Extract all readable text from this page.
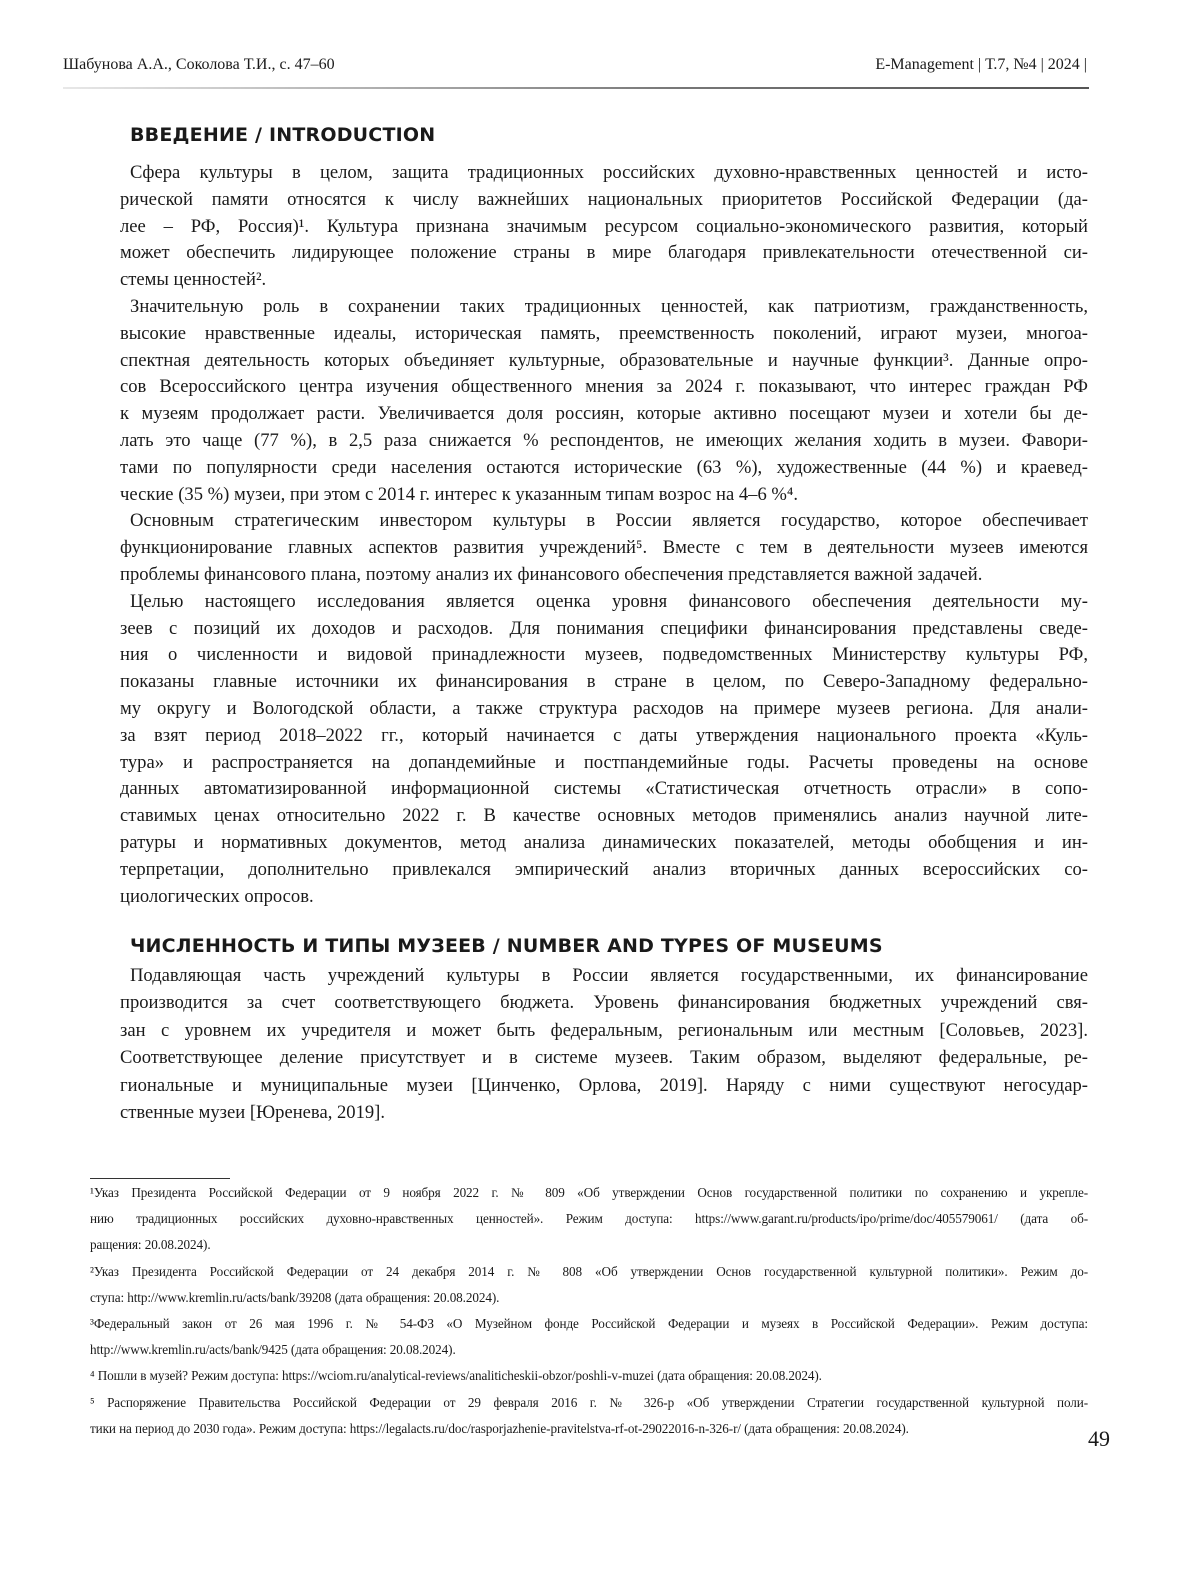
Шабунова А.А., Соколова Т.И., с. 47–60	E-Management | Т.7, №4 | 2024 |
ВВЕДЕНИЕ / INTRODUCTION
Сфера культуры в целом, защита традиционных российских духовно-нравственных ценностей и исто-
рической памяти относятся к числу важнейших национальных приоритетов Российской Федерации (да-
лее – РФ, Россия)¹. Культура признана значимым ресурсом социально-экономического развития, который
может обеспечить лидирующее положение страны в мире благодаря привлекательности отечественной си-
стемы ценностей².
Значительную роль в сохранении таких традиционных ценностей, как патриотизм, гражданственность,
высокие нравственные идеалы, историческая память, преемственность поколений, играют музеи, многоа-
спектная деятельность которых объединяет культурные, образовательные и научные функции³. Данные опро-
сов Всероссийского центра изучения общественного мнения за 2024 г. показывают, что интерес граждан РФ
к музеям продолжает расти. Увеличивается доля россиян, которые активно посещают музеи и хотели бы де-
лать это чаще (77 %), в 2,5 раза снижается % респондентов, не имеющих желания ходить в музеи. Фавори-
тами по популярности среди населения остаются исторические (63 %), художественные (44 %) и краевед-
ческие (35 %) музеи, при этом с 2014 г. интерес к указанным типам возрос на 4–6 %⁴.
Основным стратегическим инвестором культуры в России является государство, которое обеспечивает
функционирование главных аспектов развития учреждений⁵. Вместе с тем в деятельности музеев имеются
проблемы финансового плана, поэтому анализ их финансового обеспечения представляется важной задачей.
Целью настоящего исследования является оценка уровня финансового обеспечения деятельности му-
зеев с позиций их доходов и расходов. Для понимания специфики финансирования представлены сведе-
ния о численности и видовой принадлежности музеев, подведомственных Министерству культуры РФ,
показаны главные источники их финансирования в стране в целом, по Северо-Западному федерально-
му округу и Вологодской области, а также структура расходов на примере музеев региона. Для анали-
за взят период 2018–2022 гг., который начинается с даты утверждения национального проекта «Куль-
тура» и распространяется на допандемийные и постпандемийные годы. Расчеты проведены на основе
данных автоматизированной информационной системы «Статистическая отчетность отрасли» в сопо-
ставимых ценах относительно 2022 г. В качестве основных методов применялись анализ научной лите-
ратуры и нормативных документов, метод анализа динамических показателей, методы обобщения и ин-
терпретации, дополнительно привлекался эмпирический анализ вторичных данных всероссийских со-
циологических опросов.
ЧИСЛЕННОСТЬ И ТИПЫ МУЗЕЕВ / NUMBER AND TYPES OF MUSEUMS
Подавляющая часть учреждений культуры в России является государственными, их финансирование
производится за счет соответствующего бюджета. Уровень финансирования бюджетных учреждений свя-
зан с уровнем их учредителя и может быть федеральным, региональным или местным [Соловьев, 2023].
Соответствующее деление присутствует и в системе музеев. Таким образом, выделяют федеральные, ре-
гиональные и муниципальные музеи [Цинченко, Орлова, 2019]. Наряду с ними существуют негосудар-
ственные музеи [Юренева, 2019].
¹Указ Президента Российской Федерации от 9 ноября 2022 г. № 809 «Об утверждении Основ государственной политики по сохранению и укрепле-
нию традиционных российских духовно-нравственных ценностей». Режим доступа: https://www.garant.ru/products/ipo/prime/doc/405579061/ (дата об-
ращения: 20.08.2024).
²Указ Президента Российской Федерации от 24 декабря 2014 г. № 808 «Об утверждении Основ государственной культурной политики». Режим до-
ступа: http://www.kremlin.ru/acts/bank/39208 (дата обращения: 20.08.2024).
³Федеральный закон от 26 мая 1996 г. № 54-ФЗ «О Музейном фонде Российской Федерации и музеях в Российской Федерации». Режим доступа:
http://www.kremlin.ru/acts/bank/9425 (дата обращения: 20.08.2024).
⁴ Пошли в музей? Режим доступа: https://wciom.ru/analytical-reviews/analiticheskii-obzor/poshli-v-muzei (дата обращения: 20.08.2024).
⁵ Распоряжение Правительства Российской Федерации от 29 февраля 2016 г. № 326-р «Об утверждении Стратегии государственной культурной поли-
тики на период до 2030 года». Режим доступа: https://legalacts.ru/doc/rasporjazhenie-pravitelstva-rf-ot-29022016-n-326-r/ (дата обращения: 20.08.2024).	49
